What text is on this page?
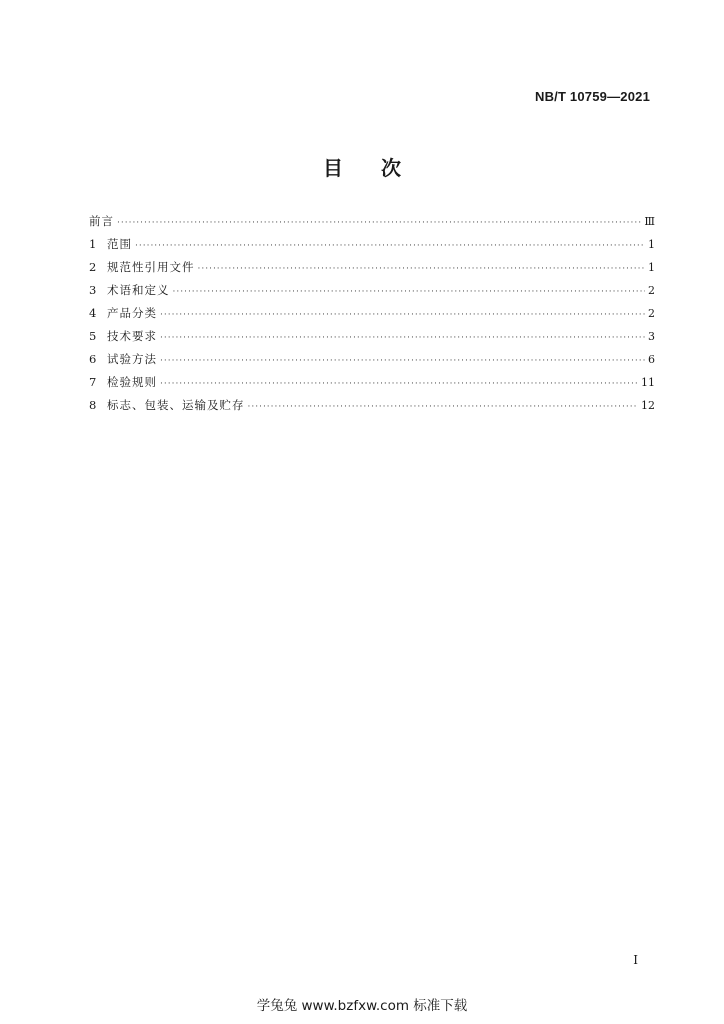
NB/T 10759—2021
目 次
前言 ·····	Ⅲ
1 范围 ·····	1
2 规范性引用文件 ·····	1
3 术语和定义 ·····	2
4 产品分类 ·····	2
5 技术要求 ·····	3
6 试验方法 ·····	6
7 检验规则 ·····	11
8 标志、包装、运输及贮存 ·····	12
I
学兔兔 www.bzfxw.com 标准下载
